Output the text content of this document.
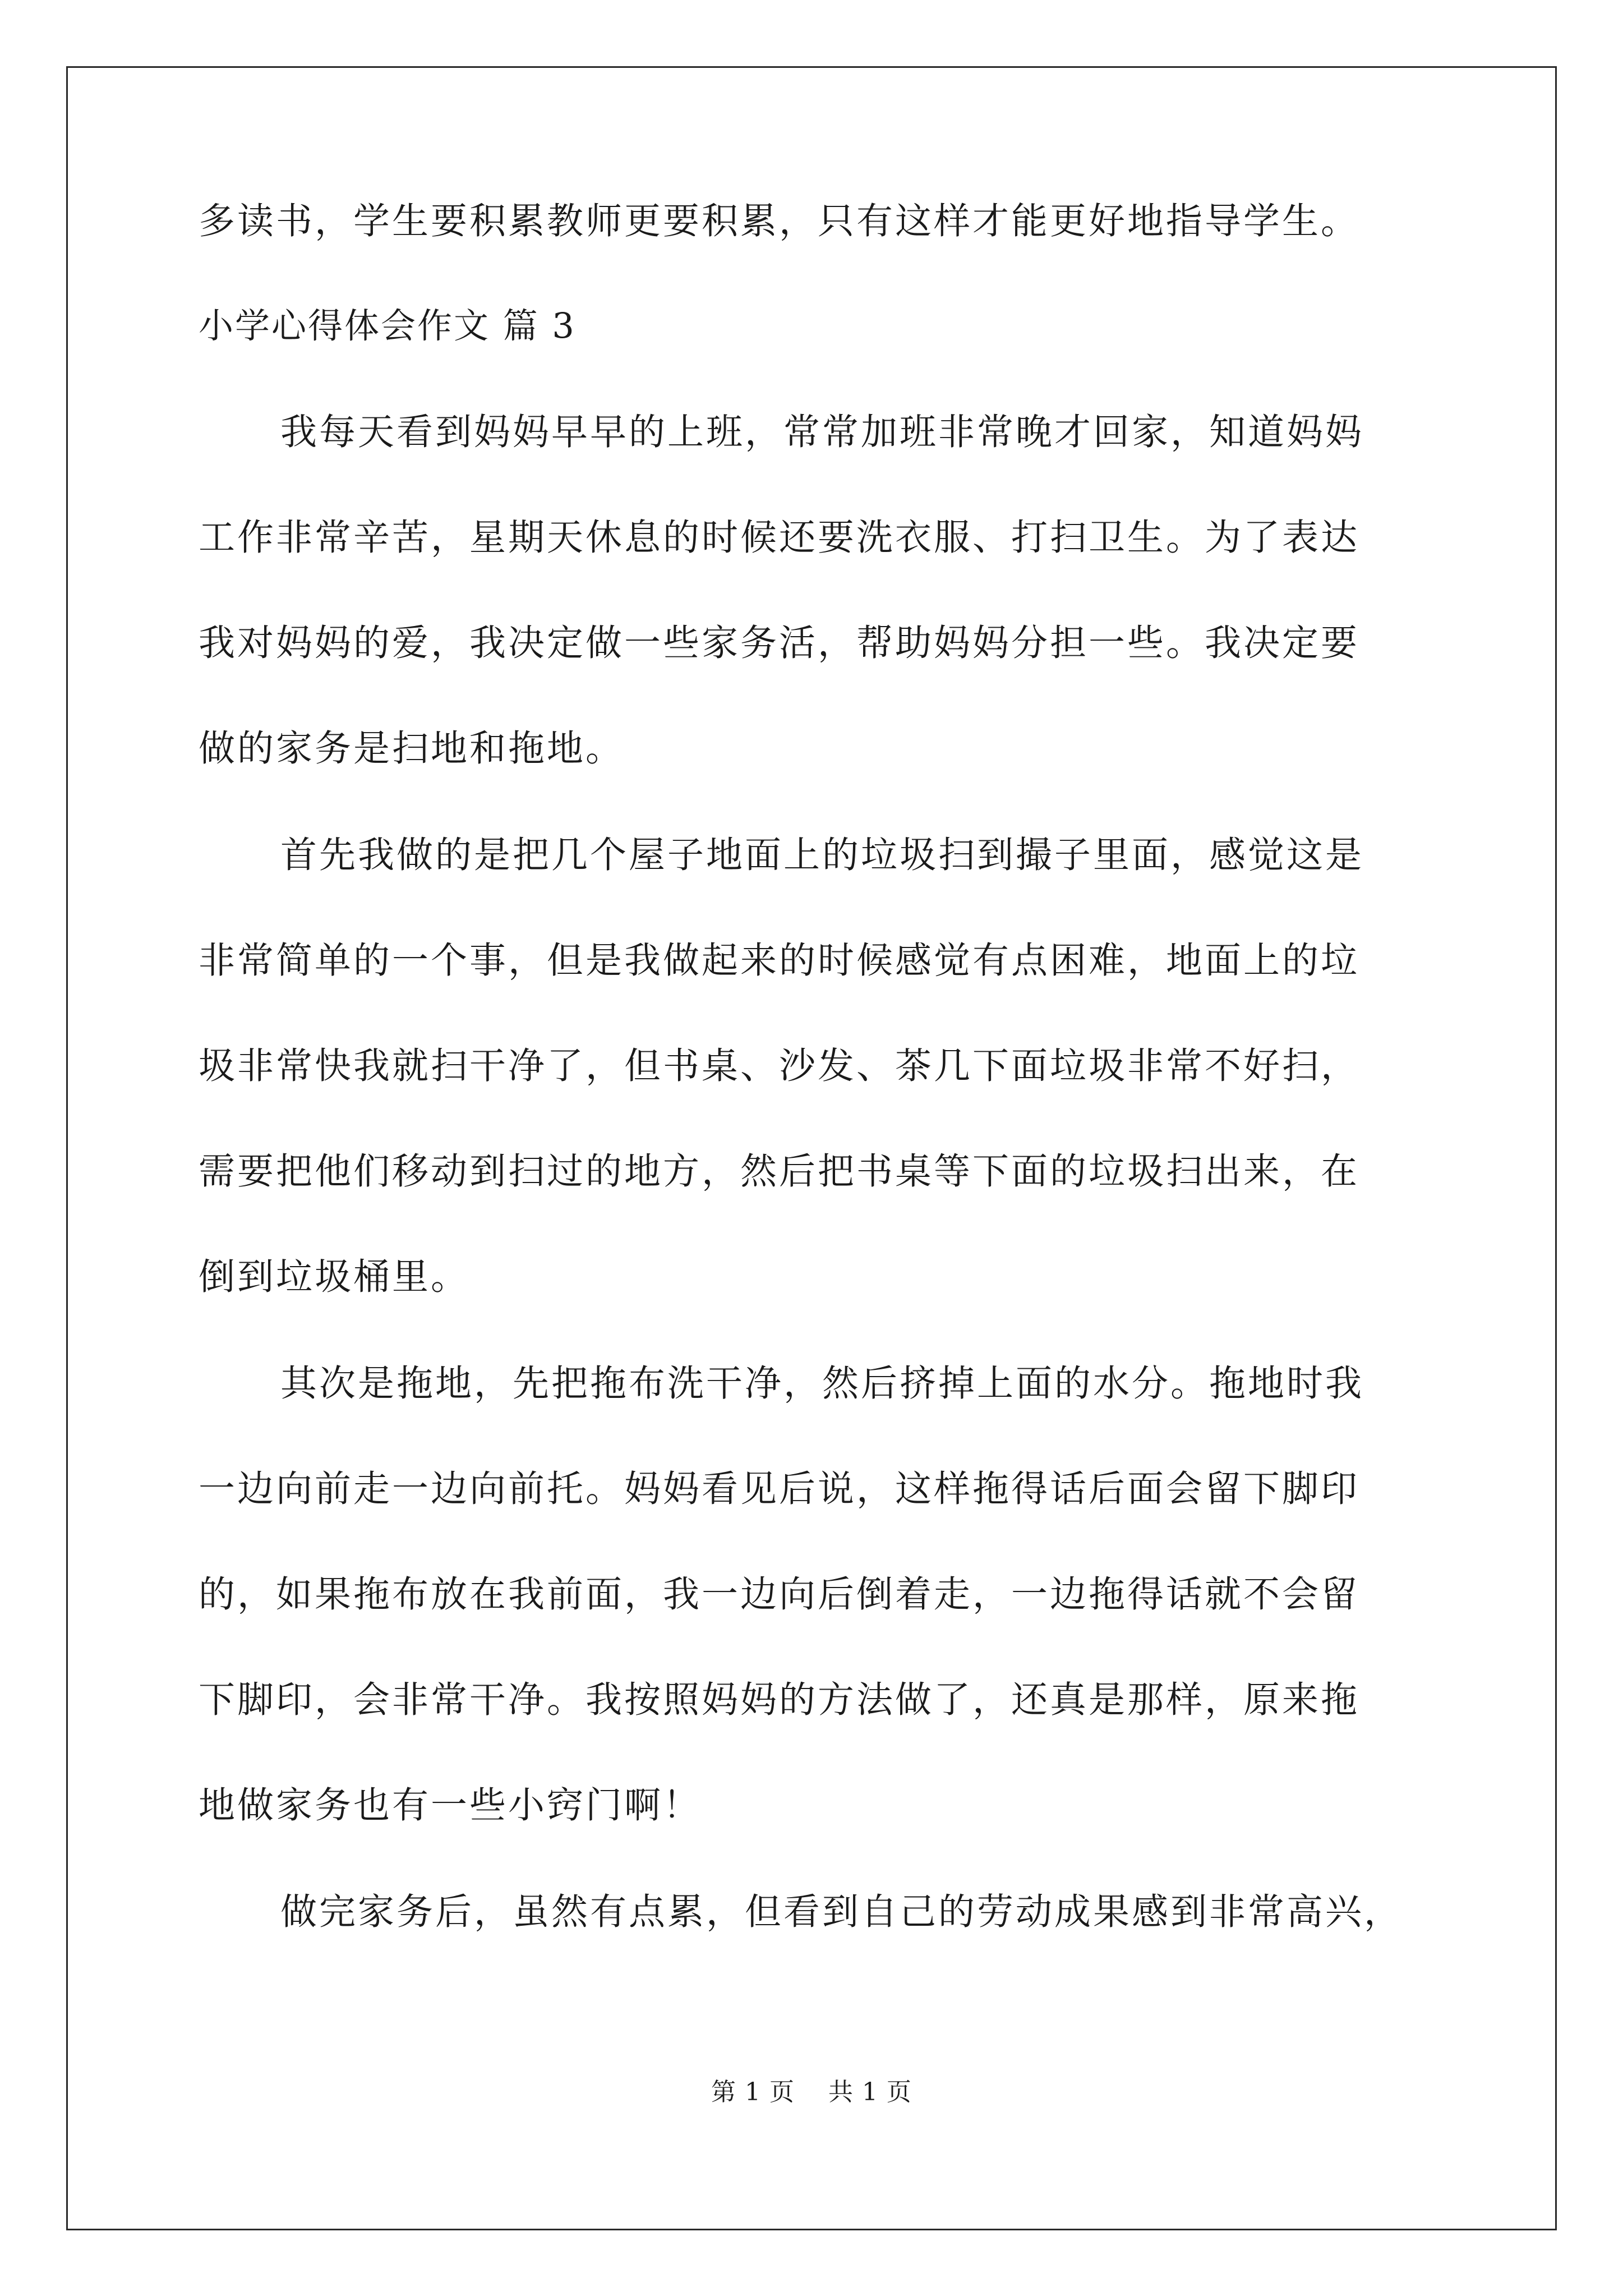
多读书，学生要积累教师更要积累，只有这样才能更好地指导学生。
小学心得体会作文 篇 3
我每天看到妈妈早早的上班，常常加班非常晚才回家，知道妈妈
工作非常辛苦，星期天休息的时候还要洗衣服、打扫卫生。为了表达
我对妈妈的爱，我决定做一些家务活，帮助妈妈分担一些。我决定要
做的家务是扫地和拖地。
首先我做的是把几个屋子地面上的垃圾扫到撮子里面，感觉这是
非常简单的一个事，但是我做起来的时候感觉有点困难，地面上的垃
圾非常快我就扫干净了，但书桌、沙发、茶几下面垃圾非常不好扫，
需要把他们移动到扫过的地方，然后把书桌等下面的垃圾扫出来，在
倒到垃圾桶里。
其次是拖地，先把拖布洗干净，然后挤掉上面的水分。拖地时我
一边向前走一边向前托。妈妈看见后说，这样拖得话后面会留下脚印
的，如果拖布放在我前面，我一边向后倒着走，一边拖得话就不会留
下脚印，会非常干净。我按照妈妈的方法做了，还真是那样，原来拖
地做家务也有一些小窍门啊！
做完家务后，虽然有点累，但看到自己的劳动成果感到非常高兴，
第 1 页    共 1 页
